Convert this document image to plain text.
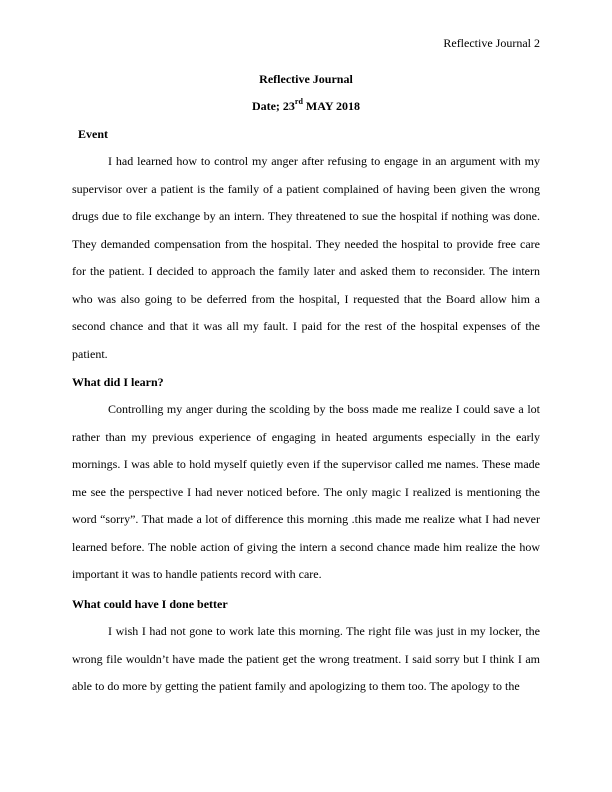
Reflective Journal 2
Reflective Journal
Date; 23rd MAY 2018
Event

I had learned how to control my anger after refusing to engage in an argument with my supervisor over a patient is the family of a patient complained of having been given the wrong drugs due to file exchange by an intern. They threatened to sue the hospital if nothing was done. They demanded compensation from the hospital. They needed the hospital to provide free care for the patient. I decided to approach the family later and asked them to reconsider. The intern who was also going to be deferred from the hospital, I requested that the Board allow him a second chance and that it was all my fault. I paid for the rest of the hospital expenses of the patient.

What did I learn?

Controlling my anger during the scolding by the boss made me realize I could save a lot rather than my previous experience of engaging in heated arguments especially in the early mornings. I was able to hold myself quietly even if the supervisor called me names. These made me see the perspective I had never noticed before. The only magic I realized is mentioning the word “sorry”. That made a lot of difference this morning .this made me realize what I had never learned before. The noble action of giving the intern a second chance made him realize the how important it was to handle patients record with care.

What could have I done better

I wish I had not gone to work late this morning. The right file was just in my locker, the wrong file wouldn’t have made the patient get the wrong treatment. I said sorry but I think I am able to do more by getting the patient family and apologizing to them too. The apology to the
